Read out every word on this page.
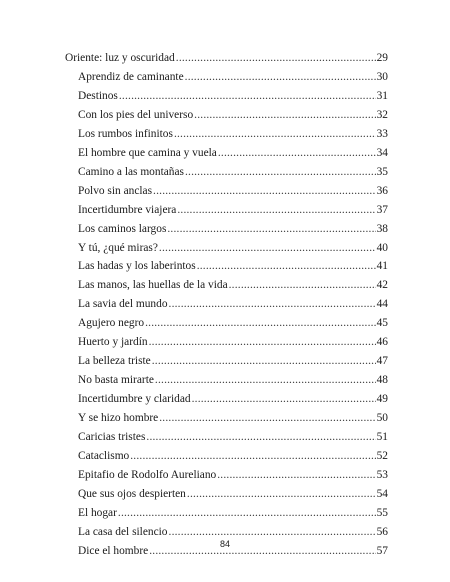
Oriente: luz y oscuridad .....	29
Aprendiz de caminante .....	30
Destinos .....	31
Con los pies del universo .....	32
Los rumbos infinitos .....	33
El hombre que camina y vuela .....	34
Camino a las montañas .....	35
Polvo sin anclas .....	36
Incertidumbre viajera .....	37
Los caminos largos .....	38
Y tú, ¿qué miras? .....	40
Las hadas y los laberintos .....	41
Las manos, las huellas de la vida .....	42
La savia del mundo .....	44
Agujero negro .....	45
Huerto y jardín .....	46
La belleza triste .....	47
No basta mirarte .....	48
Incertidumbre y claridad .....	49
Y se hizo hombre .....	50
Caricias tristes .....	51
Cataclismo .....	52
Epitafio de Rodolfo Aureliano .....	53
Que sus ojos despierten .....	54
El hogar .....	55
La casa del silencio .....	56
Dice el hombre .....	57
84
